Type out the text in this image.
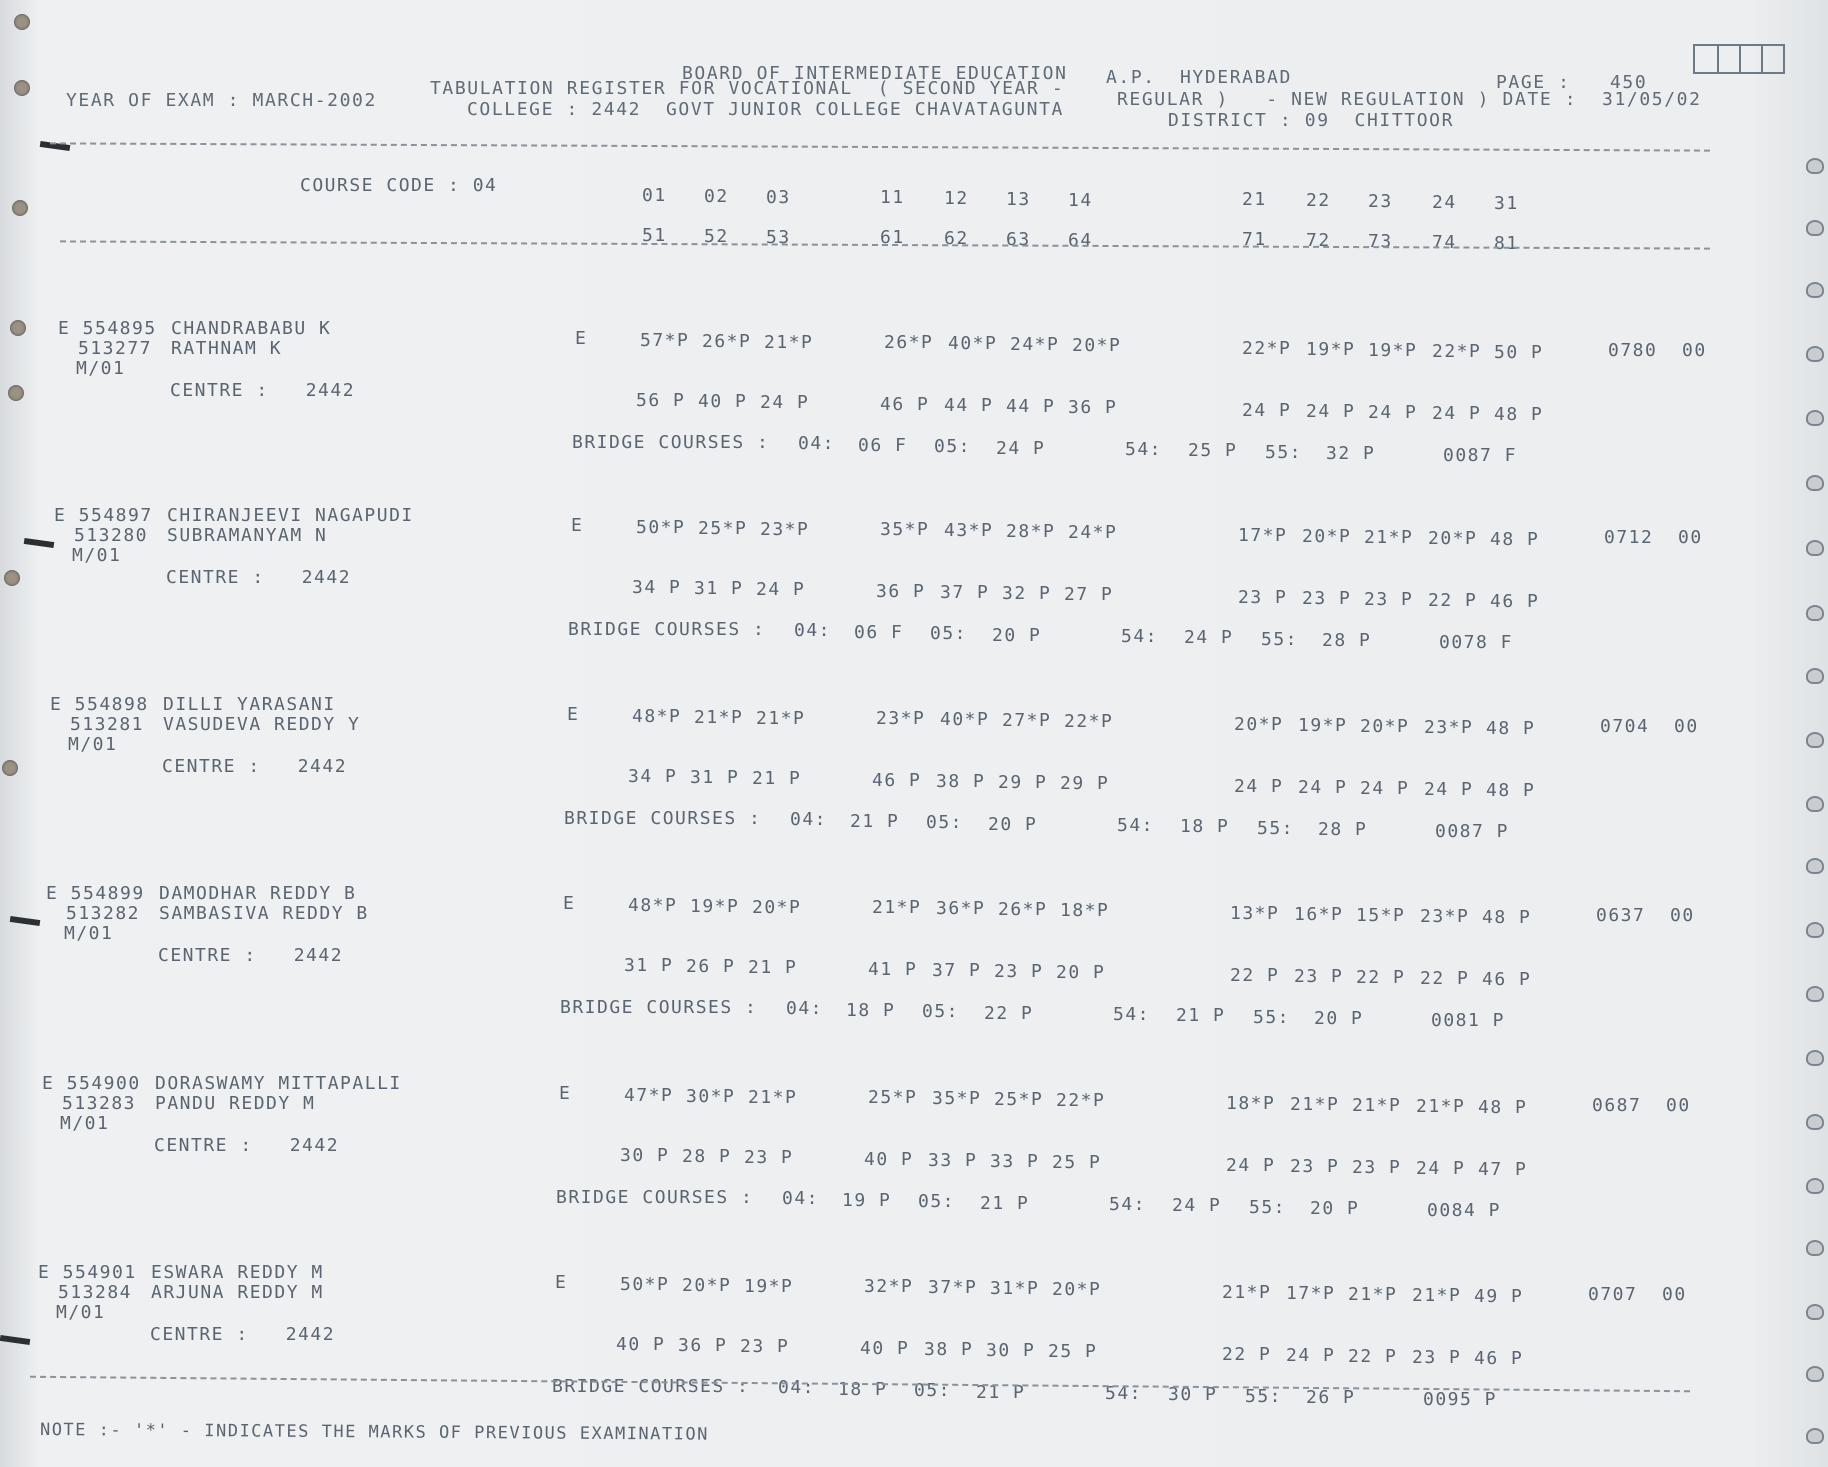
BOARD OF INTERMEDIATE EDUCATION A.P. HYDERABAD
YEAR OF EXAM : MARCH-2002
TABULATION REGISTER FOR VOCATIONAL  ( SECOND YEAR -
REGULAR )   - NEW REGULATION ) DATE :  31/05/02
PAGE : 450
COLLEGE : 2442  GOVT JUNIOR COLLEGE CHAVATAGUNTA
DISTRICT : 09  CHITTOOR
COURSE CODE : 04	01 02 03	11 12 13 14	21 22 23 24 31
51 52 53	61 62 63 64	71 72 73 74 81
E 554895 CHANDRABABU K
513277 RATHNAM K
M/01
CENTRE :   2442
E	57*P 26*P 21*P	26*P 40*P 24*P 20*P	22*P 19*P 19*P 22*P 50 P	0780 00
56 P 40 P 24 P	46 P 44 P 44 P 36 P	24 P 24 P 24 P 24 P 48 P
BRIDGE COURSES : 04: 06 F 05: 24 P	54: 25 P 55: 32 P	0087 F
E 554897 CHIRANJEEVI NAGAPUDI
513280 SUBRAMANYAM N
M/01
CENTRE :   2442
E	50*P 25*P 23*P	35*P 43*P 28*P 24*P	17*P 20*P 21*P 20*P 48 P	0712 00
34 P 31 P 24 P	36 P 37 P 32 P 27 P	23 P 23 P 23 P 22 P 46 P
BRIDGE COURSES : 04: 06 F 05: 20 P	54: 24 P 55: 28 P	0078 F
E 554898 DILLI YARASANI
513281 VASUDEVA REDDY Y
M/01
CENTRE :   2442
E	48*P 21*P 21*P	23*P 40*P 27*P 22*P	20*P 19*P 20*P 23*P 48 P	0704 00
34 P 31 P 21 P	46 P 38 P 29 P 29 P	24 P 24 P 24 P 24 P 48 P
BRIDGE COURSES : 04: 21 P 05: 20 P	54: 18 P 55: 28 P	0087 P
E 554899 DAMODHAR REDDY B
513282 SAMBASIVA REDDY B
M/01
CENTRE :   2442
E	48*P 19*P 20*P	21*P 36*P 26*P 18*P	13*P 16*P 15*P 23*P 48 P	0637 00
31 P 26 P 21 P	41 P 37 P 23 P 20 P	22 P 23 P 22 P 22 P 46 P
BRIDGE COURSES : 04: 18 P 05: 22 P	54: 21 P 55: 20 P	0081 P
E 554900 DORASWAMY MITTAPALLI
513283 PANDU REDDY M
M/01
CENTRE :   2442
E	47*P 30*P 21*P	25*P 35*P 25*P 22*P	18*P 21*P 21*P 21*P 48 P	0687 00
30 P 28 P 23 P	40 P 33 P 33 P 25 P	24 P 23 P 23 P 24 P 47 P
BRIDGE COURSES : 04: 19 P 05: 21 P	54: 24 P 55: 20 P	0084 P
E 554901 ESWARA REDDY M
513284 ARJUNA REDDY M
M/01
CENTRE :   2442
E	50*P 20*P 19*P	32*P 37*P 31*P 20*P	21*P 17*P 21*P 21*P 49 P	0707 00
40 P 36 P 23 P	40 P 38 P 30 P 25 P	22 P 24 P 22 P 23 P 46 P
BRIDGE COURSES : 04: 18 P 05: 21 P	54: 30 P 55: 26 P	0095 P
NOTE :- '*' - INDICATES THE MARKS OF PREVIOUS EXAMINATION
